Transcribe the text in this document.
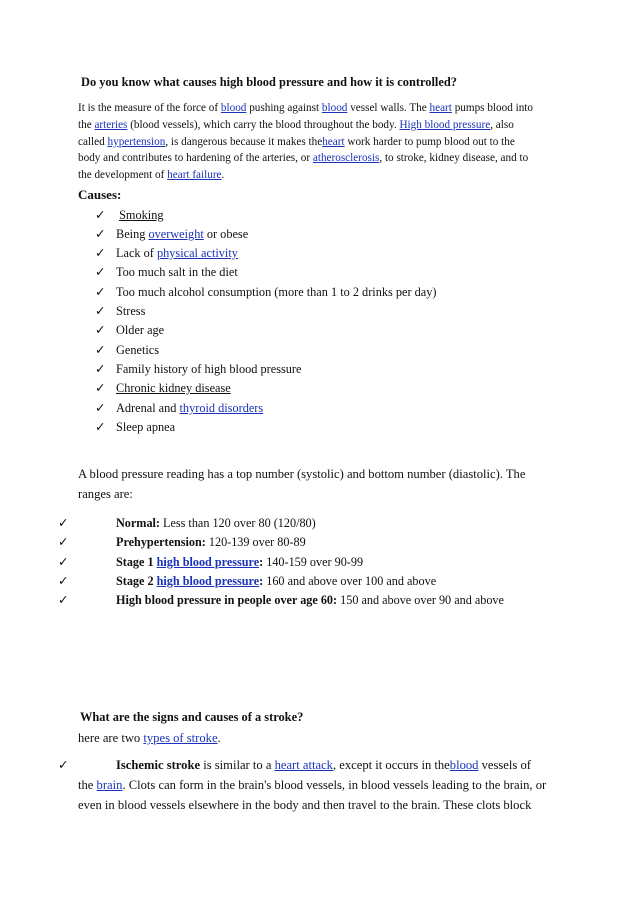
Do you know what causes high blood pressure and how it is controlled?
It is the measure of the force of blood pushing against blood vessel walls. The heart pumps blood into
the arteries (blood vessels), which carry the blood throughout the body. High blood pressure, also
called hypertension, is dangerous because it makes theheart work harder to pump blood out to the
body and contributes to hardening of the arteries, or atherosclerosis, to stroke, kidney disease, and to
the development of heart failure.
Causes:
✓ Smoking
✓ Being overweight or obese
✓ Lack of physical activity
✓ Too much salt in the diet
✓ Too much alcohol consumption (more than 1 to 2 drinks per day)
✓ Stress
✓ Older age
✓ Genetics
✓ Family history of high blood pressure
✓ Chronic kidney disease
✓ Adrenal and thyroid disorders
✓ Sleep apnea
A blood pressure reading has a top number (systolic) and bottom number (diastolic). The
ranges are:
✓	Normal: Less than 120 over 80 (120/80)
✓	Prehypertension: 120-139 over 80-89
✓	Stage 1 high blood pressure: 140-159 over 90-99
✓	Stage 2 high blood pressure: 160 and above over 100 and above
✓	High blood pressure in people over age 60: 150 and above over 90 and above
What are the signs and causes of a stroke?
here are two types of stroke.
✓	Ischemic stroke is similar to a heart attack, except it occurs in theblood vessels of
the brain. Clots can form in the brain's blood vessels, in blood vessels leading to the brain, or
even in blood vessels elsewhere in the body and then travel to the brain. These clots block
